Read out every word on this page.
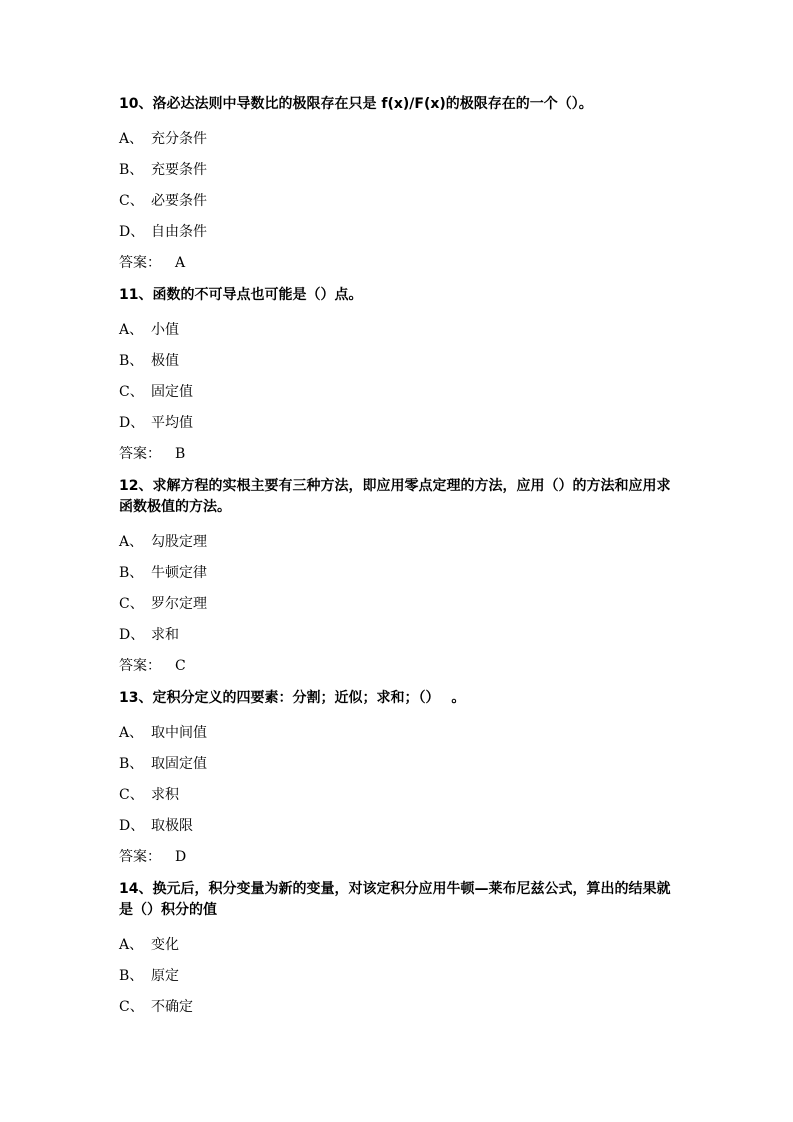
10、洛必达法则中导数比的极限存在只是 f(x)/F(x)的极限存在的一个（）。
A、 充分条件
B、 充要条件
C、 必要条件
D、 自由条件
答案：	A
11、函数的不可导点也可能是（）点。
A、 小值
B、 极值
C、 固定值
D、 平均值
答案：	B
12、求解方程的实根主要有三种方法，即应用零点定理的方法，应用（）的方法和应用求函数极值的方法。
A、 勾股定理
B、 牛顿定律
C、 罗尔定理
D、 求和
答案：	C
13、定积分定义的四要素：分割；近似；求和；（）　 。
A、 取中间值
B、 取固定值
C、 求积
D、 取极限
答案：	D
14、换元后，积分变量为新的变量，对该定积分应用牛顿—莱布尼兹公式，算出的结果就是（）积分的值
A、 变化
B、 原定
C、 不确定
